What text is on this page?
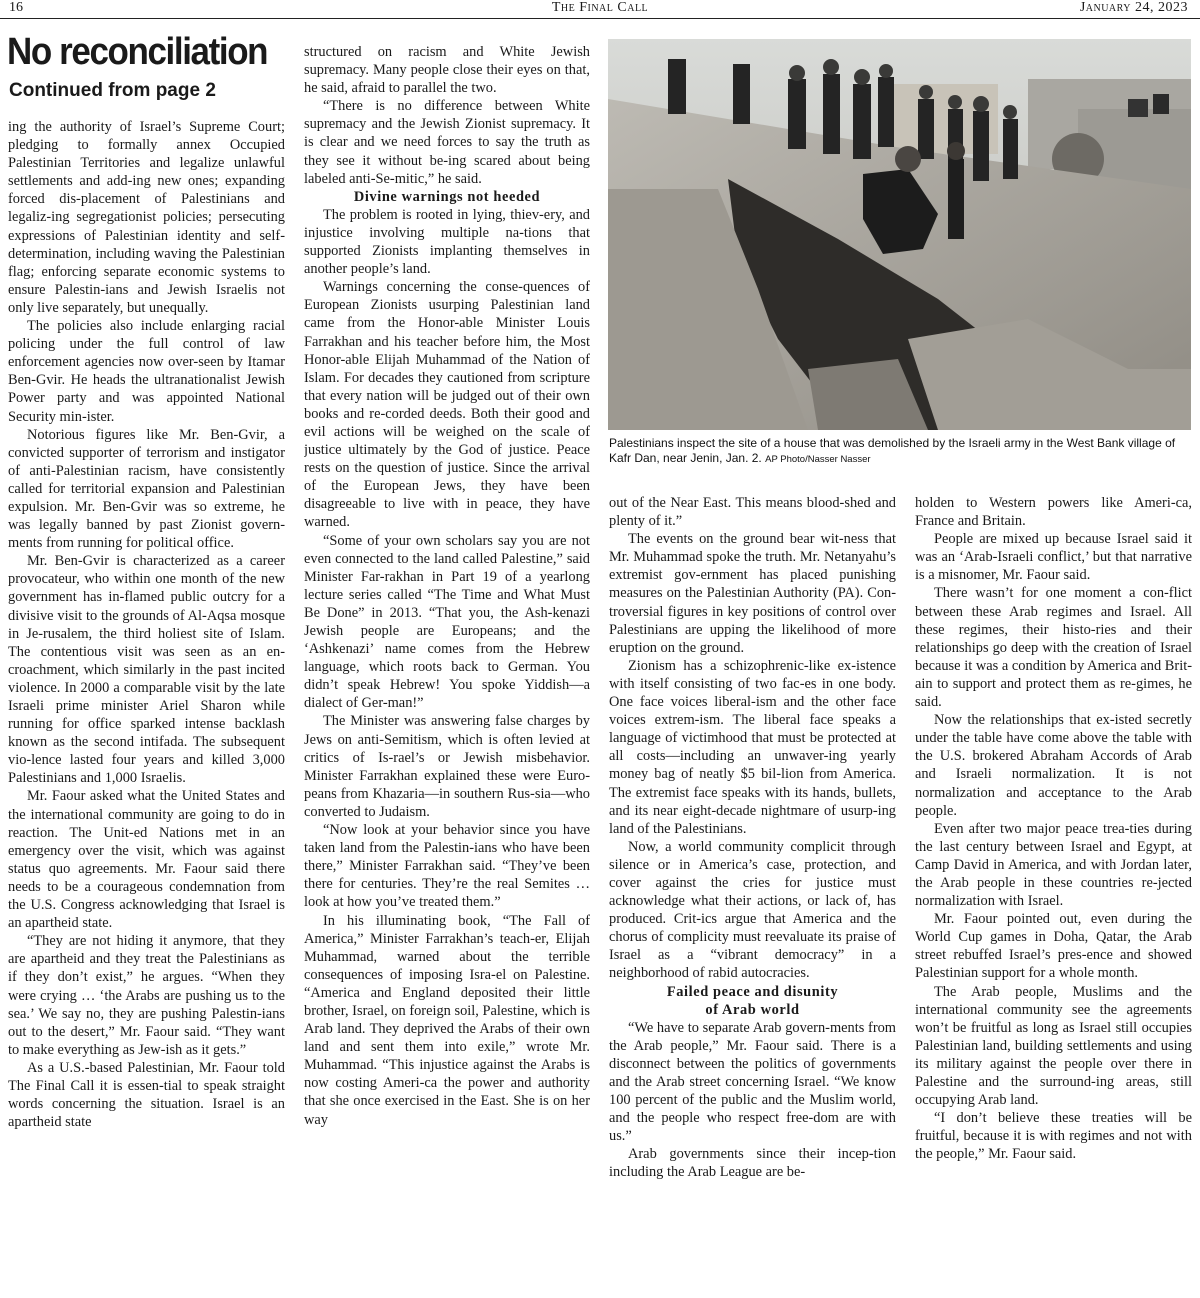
16	The Final Call	January 24, 2023
No reconciliation
Continued from page 2

ing the authority of Israel’s Supreme Court; pledging to formally annex Occupied Palestinian Territories and legalize unlawful settlements and add-ing new ones; expanding forced dis-placement of Palestinians and legaliz-ing segregationist policies; persecuting expressions of Palestinian identity and self-determination, including waving the Palestinian flag; enforcing separate economic systems to ensure Palestin-ians and Jewish Israelis not only live separately, but unequally.

The policies also include enlarging racial policing under the full control of law enforcement agencies now over-seen by Itamar Ben-Gvir. He heads the ultranationalist Jewish Power party and was appointed National Security min-ister.

Notorious figures like Mr. Ben-Gvir, a convicted supporter of terrorism and instigator of anti-Palestinian racism, have consistently called for territorial expansion and Palestinian expulsion. Mr. Ben-Gvir was so extreme, he was legally banned by past Zionist govern-ments from running for political office.

Mr. Ben-Gvir is characterized as a career provocateur, who within one month of the new government has in-flamed public outcry for a divisive visit to the grounds of Al-Aqsa mosque in Je-rusalem, the third holiest site of Islam. The contentious visit was seen as an en-croachment, which similarly in the past incited violence. In 2000 a comparable visit by the late Israeli prime minister Ariel Sharon while running for office sparked intense backlash known as the second intifada. The subsequent vio-lence lasted four years and killed 3,000 Palestinians and 1,000 Israelis.

Mr. Faour asked what the United States and the international community are going to do in reaction. The Unit-ed Nations met in an emergency over the visit, which was against status quo agreements. Mr. Faour said there needs to be a courageous condemnation from the U.S. Congress acknowledging that Israel is an apartheid state.

“They are not hiding it anymore, that they are apartheid and they treat the Palestinians as if they don’t exist,” he argues. “When they were crying … ‘the Arabs are pushing us to the sea.’ We say no, they are pushing Palestin-ians out to the desert,” Mr. Faour said. “They want to make everything as Jew-ish as it gets.”

As a U.S.-based Palestinian, Mr. Faour told The Final Call it is essen-tial to speak straight words concerning the situation. Israel is an apartheid state

structured on racism and White Jewish supremacy. Many people close their eyes on that, he said, afraid to parallel the two.

“There is no difference between White supremacy and the Jewish Zionist supremacy. It is clear and we need forces to say the truth as they see it without be-ing scared about being labeled anti-Se-mitic,” he said.

Divine warnings not heeded

The problem is rooted in lying, thiev-ery, and injustice involving multiple na-tions that supported Zionists implanting themselves in another people’s land.

Warnings concerning the conse-quences of European Zionists usurping Palestinian land came from the Honor-able Minister Louis Farrakhan and his teacher before him, the Most Honor-able Elijah Muhammad of the Nation of Islam. For decades they cautioned from scripture that every nation will be judged out of their own books and re-corded deeds. Both their good and evil actions will be weighed on the scale of justice ultimately by the God of justice. Peace rests on the question of justice. Since the arrival of the European Jews, they have been disagreeable to live with in peace, they have warned.

“Some of your own scholars say you are not even connected to the land called Palestine,” said Minister Far-rakhan in Part 19 of a yearlong lecture series called “The Time and What Must Be Done” in 2013. “That you, the Ash-kenazi Jewish people are Europeans; and the ‘Ashkenazi’ name comes from the Hebrew language, which roots back to German. You didn’t speak Hebrew! You spoke Yiddish—a dialect of Ger-man!”

The Minister was answering false charges by Jews on anti-Semitism, which is often levied at critics of Is-rael’s or Jewish misbehavior. Minister Farrakhan explained these were Euro-peans from Khazaria—in southern Rus-sia—who converted to Judaism.

“Now look at your behavior since you have taken land from the Palestin-ians who have been there,” Minister Farrakhan said. “They’ve been there for centuries. They’re the real Semites … look at how you’ve treated them.”

In his illuminating book, “The Fall of America,” Minister Farrakhan’s teach-er, Elijah Muhammad, warned about the terrible consequences of imposing Isra-el on Palestine. “America and England deposited their little brother, Israel, on foreign soil, Palestine, which is Arab land. They deprived the Arabs of their own land and sent them into exile,” wrote Mr. Muhammad. “This injustice against the Arabs is now costing Ameri-ca the power and authority that she once exercised in the East. She is on her way

Palestinians inspect the site of a house that was demolished by the Israeli army in the West Bank village of Kafr Dan, near Jenin, Jan. 2. AP Photo/Nasser Nasser

out of the Near East. This means blood-shed and plenty of it.”

The events on the ground bear wit-ness that Mr. Muhammad spoke the truth. Mr. Netanyahu’s extremist gov-ernment has placed punishing measures on the Palestinian Authority (PA). Con-troversial figures in key positions of control over Palestinians are upping the likelihood of more eruption on the ground.

Zionism has a schizophrenic-like ex-istence with itself consisting of two fac-es in one body. One face voices liberal-ism and the other face voices extrem-ism. The liberal face speaks a language of victimhood that must be protected at all costs—including an unwaver-ing yearly money bag of neatly $5 bil-lion from America. The extremist face speaks with its hands, bullets, and its near eight-decade nightmare of usurp-ing land of the Palestinians.

Now, a world community complicit through silence or in America’s case, protection, and cover against the cries for justice must acknowledge what their actions, or lack of, has produced. Crit-ics argue that America and the chorus of complicity must reevaluate its praise of Israel as a “vibrant democracy” in a neighborhood of rabid autocracies.

Failed peace and disunity

of Arab world

“We have to separate Arab govern-ments from the Arab people,” Mr. Faour said. There is a disconnect between the politics of governments and the Arab street concerning Israel. “We know 100 percent of the public and the Muslim world, and the people who respect free-dom are with us.”

Arab governments since their incep-tion including the Arab League are be-

holden to Western powers like Ameri-ca, France and Britain.

People are mixed up because Israel said it was an ‘Arab-Israeli conflict,’ but that narrative is a misnomer, Mr. Faour said.

There wasn’t for one moment a con-flict between these Arab regimes and Israel. All these regimes, their histo-ries and their relationships go deep with the creation of Israel because it was a condition by America and Brit-ain to support and protect them as re-gimes, he said.

Now the relationships that ex-isted secretly under the table have come above the table with the U.S. brokered Abraham Accords of Arab and Israeli normalization. It is not normalization and acceptance to the Arab people.

Even after two major peace trea-ties during the last century between Israel and Egypt, at Camp David in America, and with Jordan later, the Arab people in these countries re-jected normalization with Israel.

Mr. Faour pointed out, even during the World Cup games in Doha, Qatar, the Arab street rebuffed Israel’s pres-ence and showed Palestinian support for a whole month.

The Arab people, Muslims and the international community see the agreements won’t be fruitful as long as Israel still occupies Palestinian land, building settlements and using its military against the people over there in Palestine and the surround-ing areas, still occupying Arab land.

“I don’t believe these treaties will be fruitful, because it is with regimes and not with the people,” Mr. Faour said.
